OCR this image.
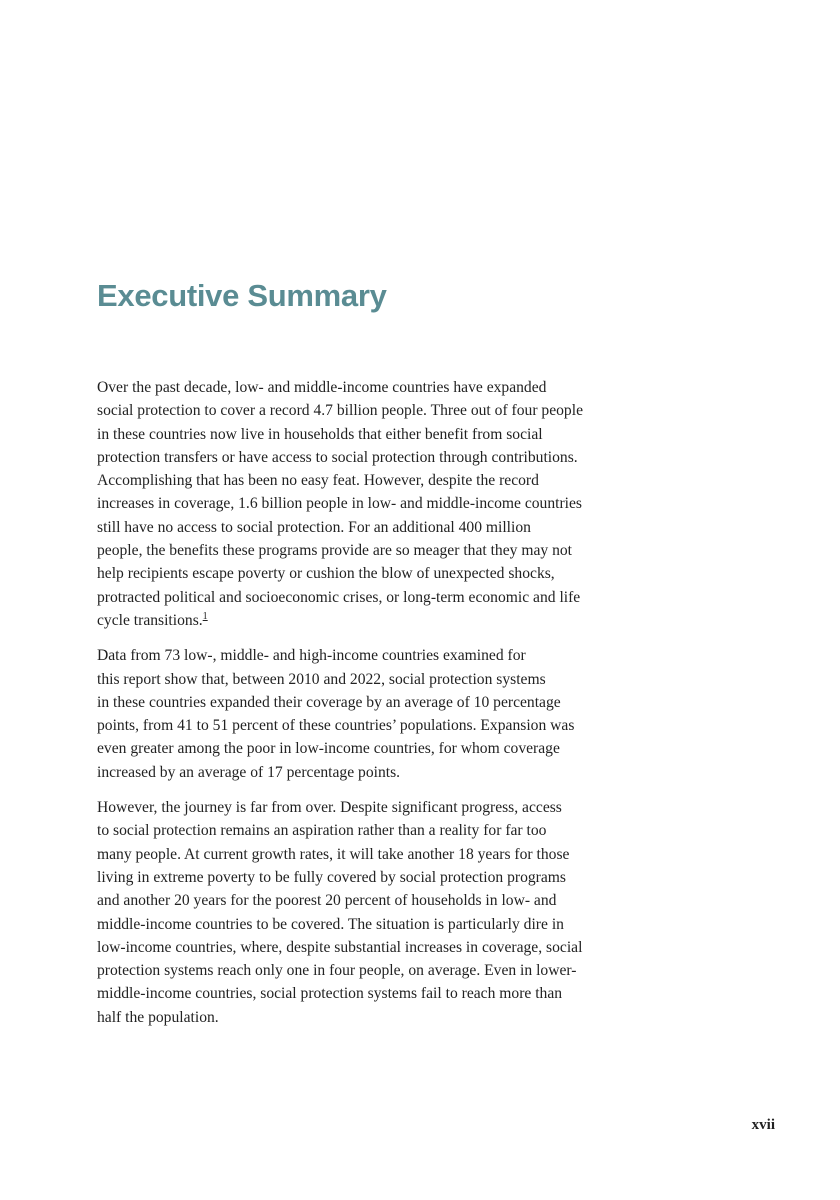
Executive Summary

Over the past decade, low- and middle-income countries have expanded
social protection to cover a record 4.7 billion people. Three out of four people
in these countries now live in households that either benefit from social
protection transfers or have access to social protection through contributions.
Accomplishing that has been no easy feat. However, despite the record
increases in coverage, 1.6 billion people in low- and middle-income countries
still have no access to social protection. For an additional 400 million
people, the benefits these programs provide are so meager that they may not
help recipients escape poverty or cushion the blow of unexpected shocks,
protracted political and socioeconomic crises, or long-term economic and life
cycle transitions.$^1$

Data from 73 low-, middle- and high-income countries examined for
this report show that, between 2010 and 2022, social protection systems
in these countries expanded their coverage by an average of 10 percentage
points, from 41 to 51 percent of these countries’ populations. Expansion was
even greater among the poor in low-income countries, for whom coverage
increased by an average of 17 percentage points.

However, the journey is far from over. Despite significant progress, access
to social protection remains an aspiration rather than a reality for far too
many people. At current growth rates, it will take another 18 years for those
living in extreme poverty to be fully covered by social protection programs
and another 20 years for the poorest 20 percent of households in low- and
middle-income countries to be covered. The situation is particularly dire in
low-income countries, where, despite substantial increases in coverage, social
protection systems reach only one in four people, on average. Even in lower-
middle-income countries, social protection systems fail to reach more than
half the population.

xvii
